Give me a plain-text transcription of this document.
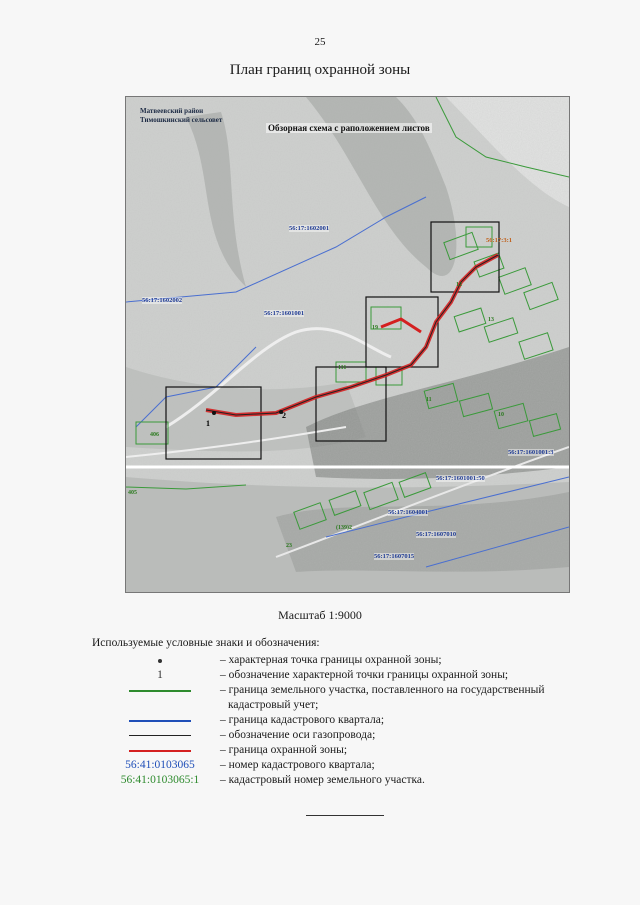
25
План границ охранной зоны
Матвеевский район
Тимошкинский сельсовет
Обзорная схема с раположением листов
56:17:1602001
56:17:1602002
56:17:1601001
56:17:1601001:3
56:17:1601001:50
56:17:1604001
56:17:1607010
56:17:1607015
56:17:3:1
1
2
406
405
111
19
12
13
11
10
(139)2
23
Масштаб 1:9000
Используемые условные знаки и обозначения:
– характерная точка границы охранной зоны;
1	– обозначение характерной точки границы охранной зоны;
– граница земельного участка, поставленного на государственный
кадастровый учет;
– граница кадастрового квартала;
– обозначение оси газопровода;
– граница охранной зоны;
56:41:0103065	– номер кадастрового квартала;
56:41:0103065:1	– кадастровый номер земельного участка.
